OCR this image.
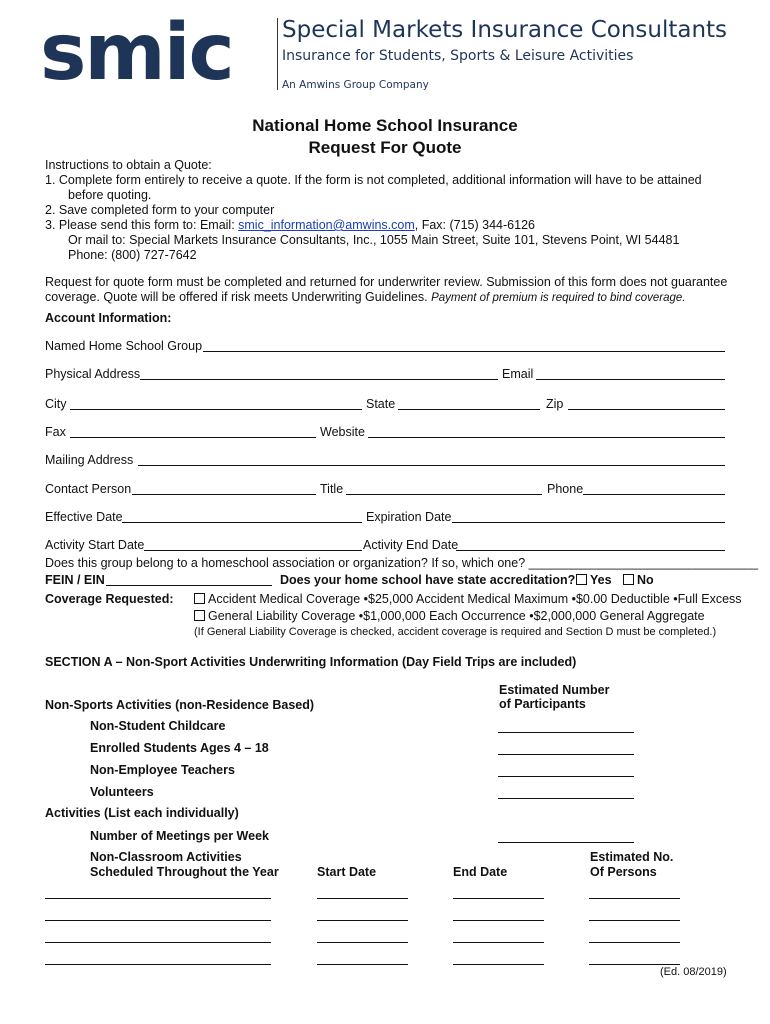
smic Special Markets Insurance Consultants
Insurance for Students, Sports & Leisure Activities
An Amwins Group Company
National Home School Insurance
Request For Quote
Instructions to obtain a Quote:
1. Complete form entirely to receive a quote. If the form is not completed, additional information will have to be attained
before quoting.
2. Save completed form to your computer
3. Please send this form to: Email: smic_information@amwins.com, Fax: (715) 344-6126
Or mail to: Special Markets Insurance Consultants, Inc., 1055 Main Street, Suite 101, Stevens Point, WI 54481
Phone: (800) 727-7642
Request for quote form must be completed and returned for underwriter review. Submission of this form does not guarantee
coverage. Quote will be offered if risk meets Underwriting Guidelines. Payment of premium is required to bind coverage.
Account Information:
Named Home School Group
Physical Address	Email
City	State	Zip
Fax	Website
Mailing Address
Contact Person	Title	Phone
Effective Date	Expiration Date
Activity Start Date	Activity End Date
Does this group belong to a homeschool association or organization? If so, which one? _________________________________
FEIN / EIN	Does your home school have state accreditation?	Yes	No
Coverage Requested:	Accident Medical Coverage •$25,000 Accident Medical Maximum •$0.00 Deductible •Full Excess
General Liability Coverage •$1,000,000 Each Occurrence •$2,000,000 General Aggregate
(If General Liability Coverage is checked, accident coverage is required and Section D must be completed.)
SECTION A – Non-Sport Activities Underwriting Information (Day Field Trips are included)
Estimated Number
of Participants
Non-Sports Activities (non-Residence Based)
Non-Student Childcare
Enrolled Students Ages 4 – 18
Non-Employee Teachers
Volunteers
Activities (List each individually)
Number of Meetings per Week
Non-Classroom Activities
Scheduled Throughout the Year	Start Date	End Date
Estimated No.
Of Persons
(Ed. 08/2019)
